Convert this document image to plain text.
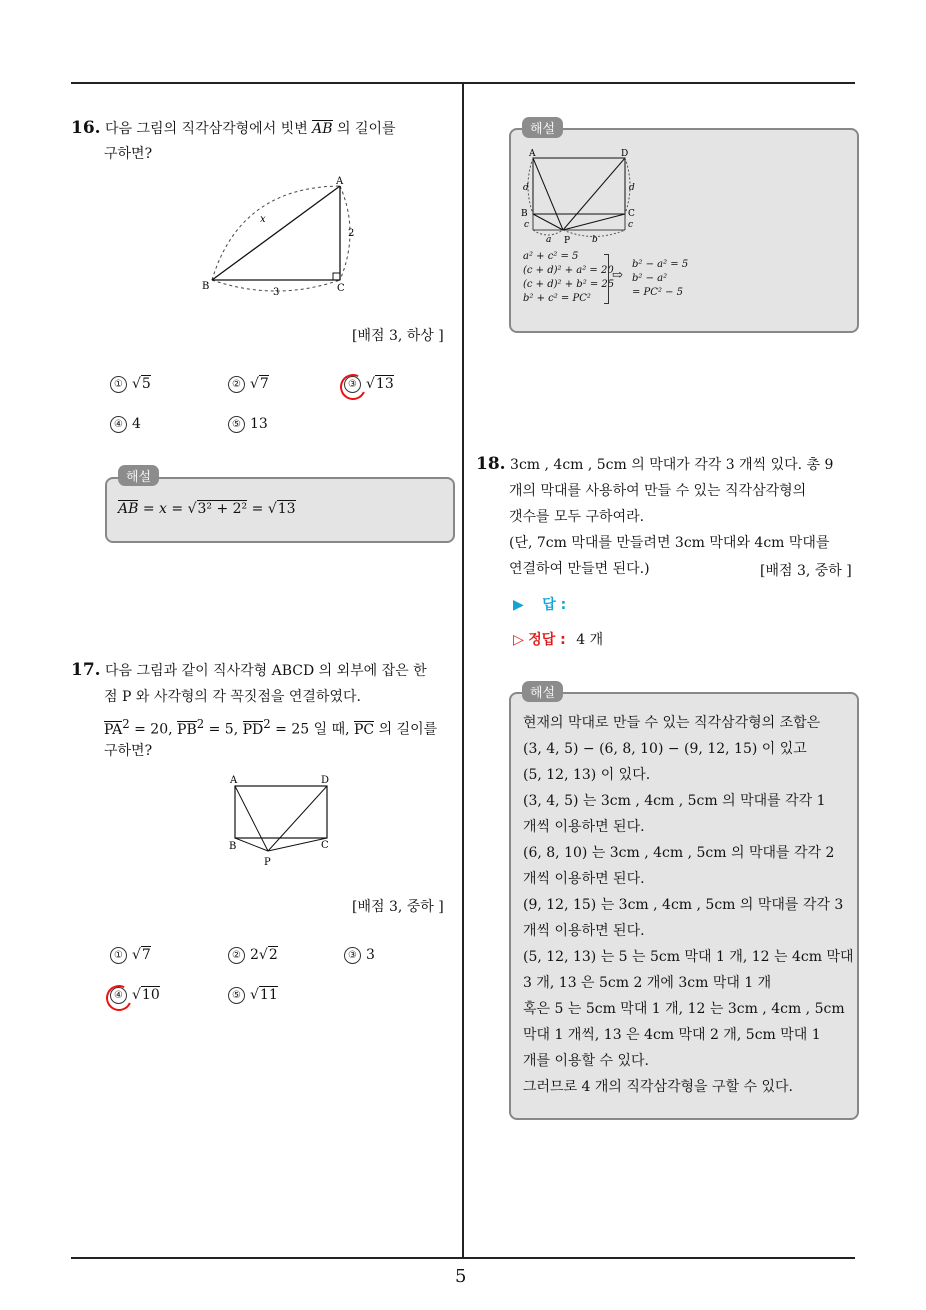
5
16. 다음 그림의 직각삼각형에서 빗변 AB 의 길이를
구하면?
A
B	C
x
2
3
[배점 3, 하상 ]
① √5	② √7	③ √13
④ 4	⑤ 13
해설
AB = x = √3² + 2² = √13
17. 다음 그림과 같이 직사각형 ABCD 의 외부에 잡은 한
점 P 와 사각형의 각 꼭짓점을 연결하였다.
$PA^2 = 20$, $PB^2 = 5$, $PD^2 = 25$ 일 때, PC 의 길이를
구하면?
A	D
B	C
P
[배점 3, 중하 ]
① √7	② 2√2	③ 3
④ √10	⑤ √11
해설
A	D
B	C
P
d	d
c	c
a	b
a² + c² = 5
(c + d)² + a² = 20
(c + d)² + b² = 25
b² + c² = PC²
⇨
b² − a² = 5
b² − a²
= PC² − 5
18. 3cm , 4cm , 5cm 의 막대가 각각 3 개씩 있다. 총 9
개의 막대를 사용하여 만들 수 있는 직각삼각형의
갯수를 모두 구하여라.
(단, 7cm 막대를 만들려면 3cm 막대와 4cm 막대를
연결하여 만들면 된다.)	[배점 3, 중하 ]
▶ 답 :
▷ 정답 : 4 개
해설
현재의 막대로 만들 수 있는 직각삼각형의 조합은
(3, 4, 5) − (6, 8, 10) − (9, 12, 15) 이 있고
(5, 12, 13) 이 있다.
(3, 4, 5) 는 3cm , 4cm , 5cm 의 막대를 각각 1
개씩 이용하면 된다.
(6, 8, 10) 는 3cm , 4cm , 5cm 의 막대를 각각 2
개씩 이용하면 된다.
(9, 12, 15) 는 3cm , 4cm , 5cm 의 막대를 각각 3
개씩 이용하면 된다.
(5, 12, 13) 는 5 는 5cm 막대 1 개, 12 는 4cm 막대
3 개, 13 은 5cm 2 개에 3cm 막대 1 개
혹은 5 는 5cm 막대 1 개, 12 는 3cm , 4cm , 5cm
막대 1 개씩, 13 은 4cm 막대 2 개, 5cm 막대 1
개를 이용할 수 있다.
그러므로 4 개의 직각삼각형을 구할 수 있다.
